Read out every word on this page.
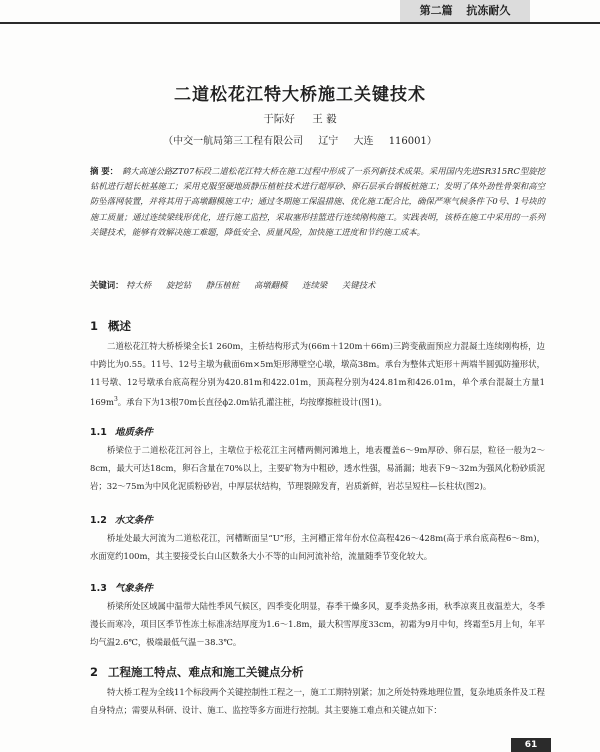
第二篇 抗冻耐久
二道松花江特大桥施工关键技术
于际好 王 毅
（中交一航局第三工程有限公司 辽宁 大连 116001）
摘 要： 鹤大高速公路ZT07标段二道松花江特大桥在施工过程中形成了一系列新技术成果。采用国内先进SR315RC型旋挖钻机进行超长桩基施工；采用克服坚硬地质静压植桩技术进行超厚砂、卵石层承台钢板桩施工；发明了体外劲性骨架和高空防坠落网装置，并将其用于高墩翻模施工中；通过冬期施工保温措施、优化施工配合比，确保严寒气候条件下0号、1号块的施工质量；通过连续梁线形优化，进行施工监控，采取塞形挂篮进行连续刚构施工。实践表明，该桥在施工中采用的一系列关键技术，能够有效解决施工难题，降低安全、质量风险，加快施工进度和节约施工成本。
关键词： 特大桥 旋挖钻 静压植桩 高墩翻模 连续梁 关键技术
1 概述
二道松花江特大桥桥梁全长1 260m，主桥结构形式为(66m＋120m＋66m)三跨变截面预应力混凝土连续刚构桥，边中跨比为0.55。11号、12号主墩为截面6m×5m矩形薄壁空心墩，墩高38m。承台为整体式矩形＋两端半圆弧防撞形状，11号墩、12号墩承台底高程分别为420.81m和422.01m，顶高程分别为424.81m和426.01m，单个承台混凝土方量1 $169m^3$。承台下为13根70m长直径ϕ2.0m钻孔灌注桩，均按摩擦桩设计(图1)。
1.1 地质条件
桥梁位于二道松花江河谷上，主墩位于松花江主河槽两侧河滩地上，地表覆盖6～9m厚砂、卵石层，粒径一般为2～8cm，最大可达18cm，卵石含量在70%以上，主要矿物为中粗砂，透水性强，易涌漏；地表下9～32m为强风化粉砂质泥岩；32～75m为中风化泥质粉砂岩，中厚层状结构，节理裂隙发育，岩质新鲜，岩芯呈短柱—长柱状(图2)。
1.2 水文条件
桥址处最大河流为二道松花江，河槽断面呈“U”形，主河槽正常年份水位高程426～428m(高于承台底高程6～8m)，水面宽约100m，其主要接受长白山区数条大小不等的山间河流补给，流量随季节变化较大。
1.3 气象条件
桥梁所处区域属中温带大陆性季风气候区，四季变化明显，春季干燥多风，夏季炎热多雨，秋季凉爽且夜温差大，冬季漫长而寒冷，项目区季节性冻土标准冻结厚度为1.6～1.8m，最大积雪厚度33cm，初霜为9月中旬，终霜至5月上旬，年平均气温2.6℃，极端最低气温－38.3℃。
2 工程施工特点、难点和施工关键点分析
特大桥工程为全线11个标段两个关键控制性工程之一，施工工期特别紧；加之所处特殊地理位置，复杂地质条件及工程自身特点；需要从科研、设计、施工、监控等多方面进行控制。其主要施工难点和关键点如下：
61
